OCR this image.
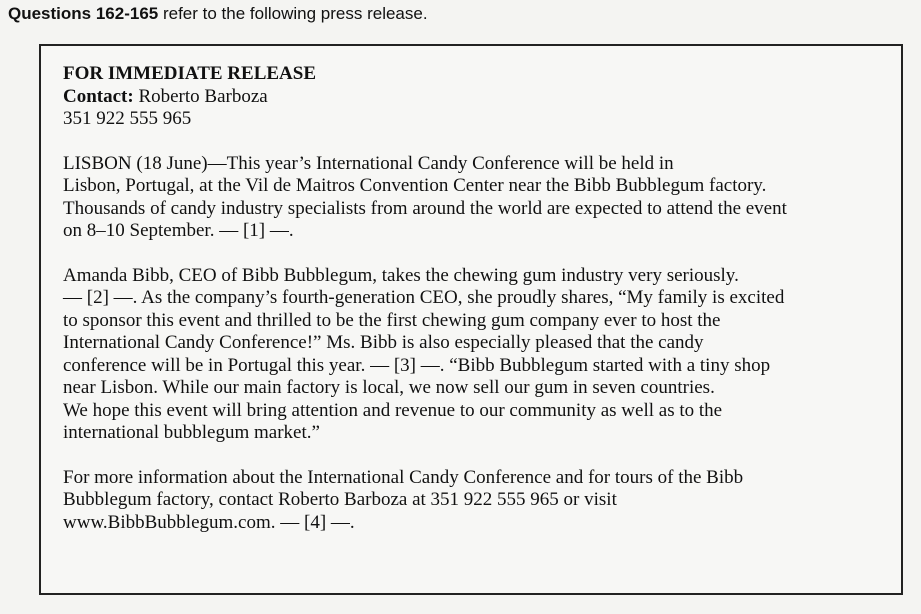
Questions 162-165 refer to the following press release.

FOR IMMEDIATE RELEASE

Contact: Roberto Barboza

351 922 555 965

LISBON (18 June)—This year’s International Candy Conference will be held in
Lisbon, Portugal, at the Vil de Maitros Convention Center near the Bibb Bubblegum factory.
Thousands of candy industry specialists from around the world are expected to attend the event
on 8–10 September. — [1] —.
Amanda Bibb, CEO of Bibb Bubblegum, takes the chewing gum industry very seriously.
— [2] —. As the company’s fourth-generation CEO, she proudly shares, “My family is excited
to sponsor this event and thrilled to be the first chewing gum company ever to host the
International Candy Conference!” Ms. Bibb is also especially pleased that the candy
conference will be in Portugal this year. — [3] —. “Bibb Bubblegum started with a tiny shop
near Lisbon. While our main factory is local, we now sell our gum in seven countries.
We hope this event will bring attention and revenue to our community as well as to the
international bubblegum market.”
For more information about the International Candy Conference and for tours of the Bibb
Bubblegum factory, contact Roberto Barboza at 351 922 555 965 or visit
www.BibbBubblegum.com. — [4] —.
